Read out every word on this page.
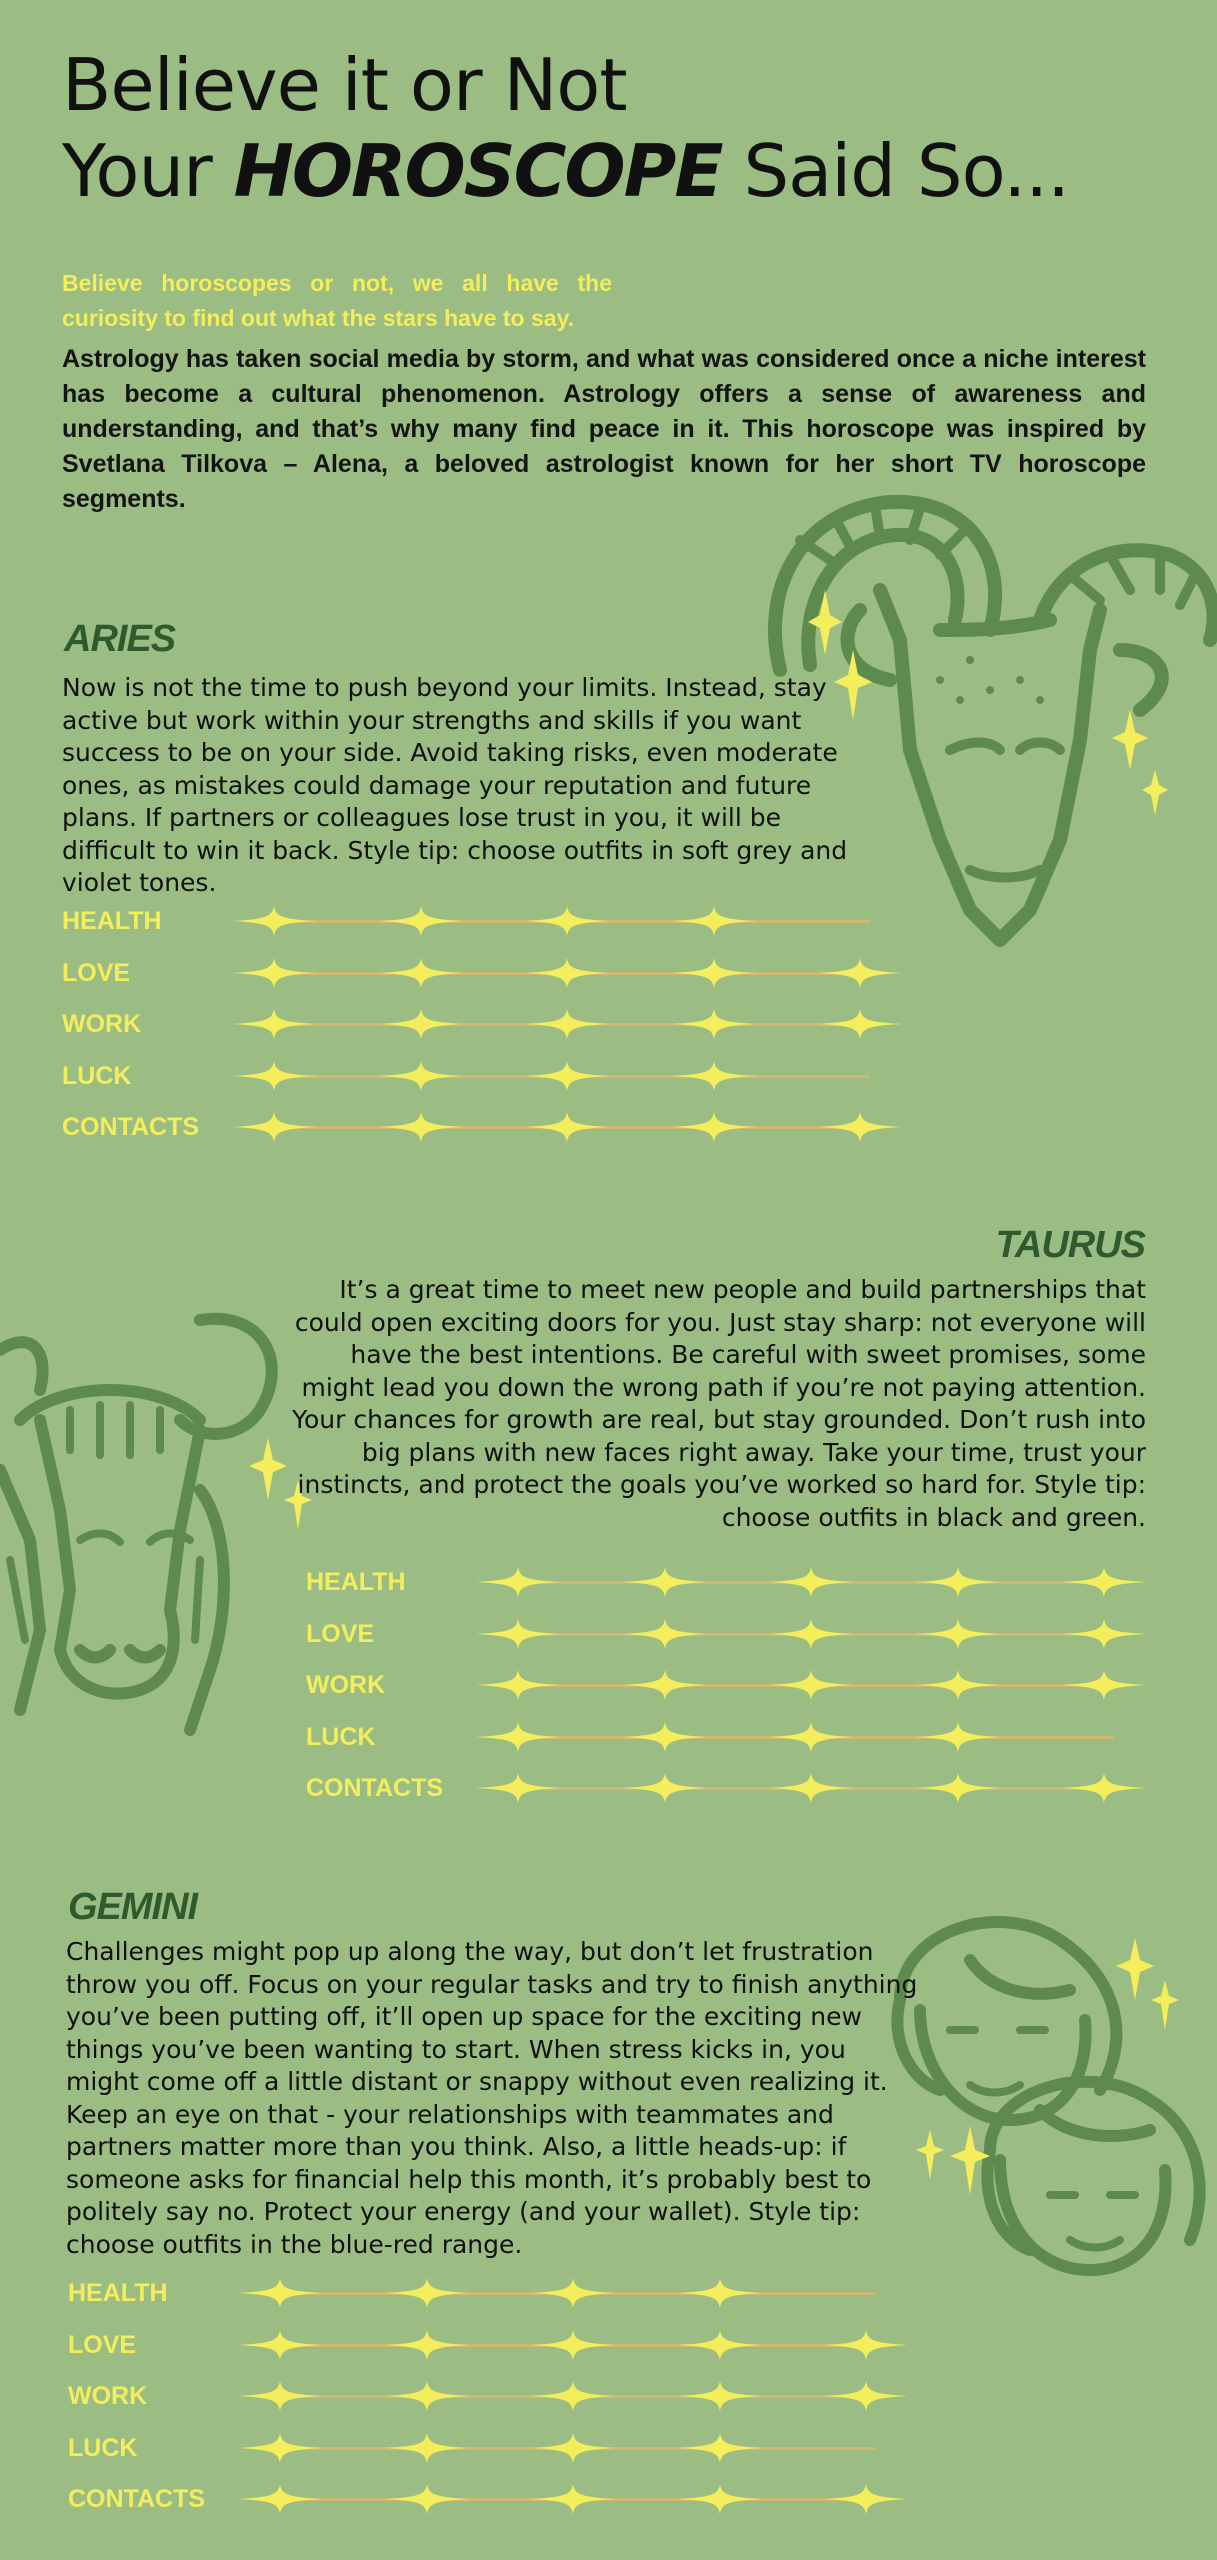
Believe it or Not
Your HOROSCOPE Said So...
Believe horoscopes or not, we all have the curiosity to find out what the stars have to say.
Astrology has taken social media by storm, and what was considered once a niche interest has become a cultural phenomenon. Astrology offers a sense of awareness and understanding, and that’s why many find peace in it. This horoscope was inspired by Svetlana Tilkova – Alena, a beloved astrologist known for her short TV horoscope segments.
ARIES
Now is not the time to push beyond your limits. Instead, stay active but work within your strengths and skills if you want success to be on your side. Avoid taking risks, even moderate ones, as mistakes could damage your reputation and future plans. If partners or colleagues lose trust in you, it will be difficult to win it back. Style tip: choose outfits in soft grey and violet tones.
HEALTH
LOVE
WORK
LUCK
CONTACTS
TAURUS
It’s a great time to meet new people and build partnerships that could open exciting doors for you. Just stay sharp: not everyone will have the best intentions. Be careful with sweet promises, some might lead you down the wrong path if you’re not paying attention. Your chances for growth are real, but stay grounded. Don’t rush into big plans with new faces right away. Take your time, trust your instincts, and protect the goals you’ve worked so hard for. Style tip: choose outfits in black and green.
HEALTH
LOVE
WORK
LUCK
CONTACTS
GEMINI
Challenges might pop up along the way, but don’t let frustration throw you off. Focus on your regular tasks and try to finish anything you’ve been putting off, it’ll open up space for the exciting new things you’ve been wanting to start. When stress kicks in, you might come off a little distant or snappy without even realizing it. Keep an eye on that - your relationships with teammates and partners matter more than you think. Also, a little heads-up: if someone asks for financial help this month, it’s probably best to politely say no. Protect your energy (and your wallet). Style tip: choose outfits in the blue-red range.
HEALTH
LOVE
WORK
LUCK
CONTACTS
